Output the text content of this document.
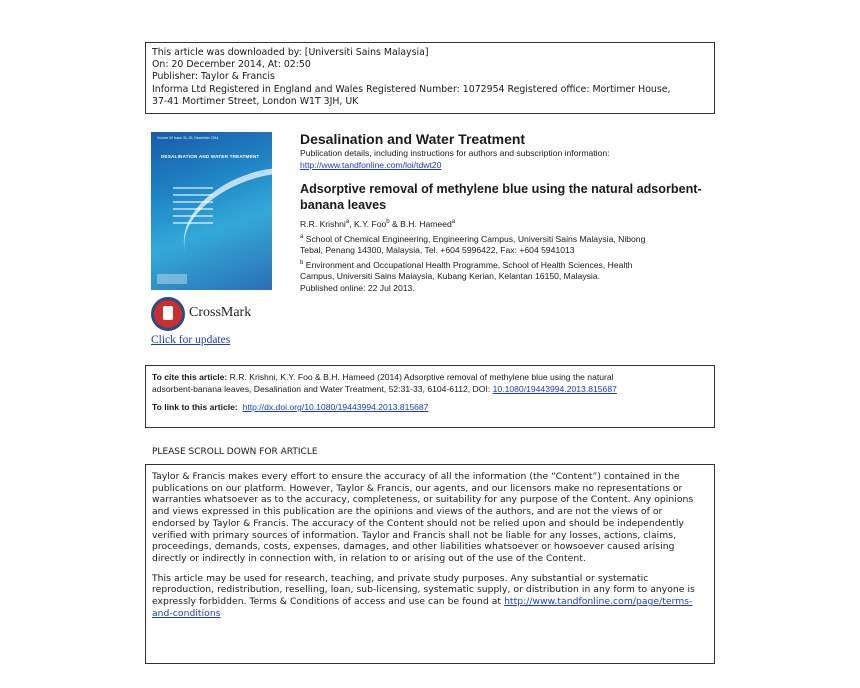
This article was downloaded by: [Universiti Sains Malaysia]
On: 20 December 2014, At: 02:50
Publisher: Taylor & Francis
Informa Ltd Registered in England and Wales Registered Number: 1072954 Registered office: Mortimer House,
37-41 Mortimer Street, London W1T 3JH, UK
Volume 52 Issue 31–33, December 2014
DESALINATION AND WATER TREATMENT
CrossMark
Click for updates
Desalination and Water Treatment
Publication details, including instructions for authors and subscription information:
http://www.tandfonline.com/loi/tdwt20
Adsorptive removal of methylene blue using the natural adsorbent-banana leaves
R.R. Krishni$^a$, K.Y. Foo$^b$ & B.H. Hameed$^a$
$^a$ School of Chemical Engineering, Engineering Campus, Universiti Sains Malaysia, Nibong
Tebal, Penang 14300, Malaysia, Tel. +604 5996422, Fax: +604 5941013
$^b$ Environment and Occupational Health Programme, School of Health Sciences, Health
Campus, Universiti Sains Malaysia, Kubang Kerian, Kelantan 16150, Malaysia.
Published online: 22 Jul 2013.
To cite this article: R.R. Krishni, K.Y. Foo & B.H. Hameed (2014) Adsorptive removal of methylene blue using the natural
adsorbent-banana leaves, Desalination and Water Treatment, 52:31-33, 6104-6112, DOI: 10.1080/19443994.2013.815687
To link to this article: http://dx.doi.org/10.1080/19443994.2013.815687
PLEASE SCROLL DOWN FOR ARTICLE

Taylor & Francis makes every effort to ensure the accuracy of all the information (the “Content”) contained in the publications on our platform. However, Taylor & Francis, our agents, and our licensors make no representations or warranties whatsoever as to the accuracy, completeness, or suitability for any purpose of the Content. Any opinions and views expressed in this publication are the opinions and views of the authors, and are not the views of or endorsed by Taylor & Francis. The accuracy of the Content should not be relied upon and should be independently verified with primary sources of information. Taylor and Francis shall not be liable for any losses, actions, claims, proceedings, demands, costs, expenses, damages, and other liabilities whatsoever or howsoever caused arising directly or indirectly in connection with, in relation to or arising out of the use of the Content.

This article may be used for research, teaching, and private study purposes. Any substantial or systematic reproduction, redistribution, reselling, loan, sub-licensing, systematic supply, or distribution in any form to anyone is expressly forbidden. Terms & Conditions of access and use can be found at http://www.tandfonline.com/page/terms-and-conditions
